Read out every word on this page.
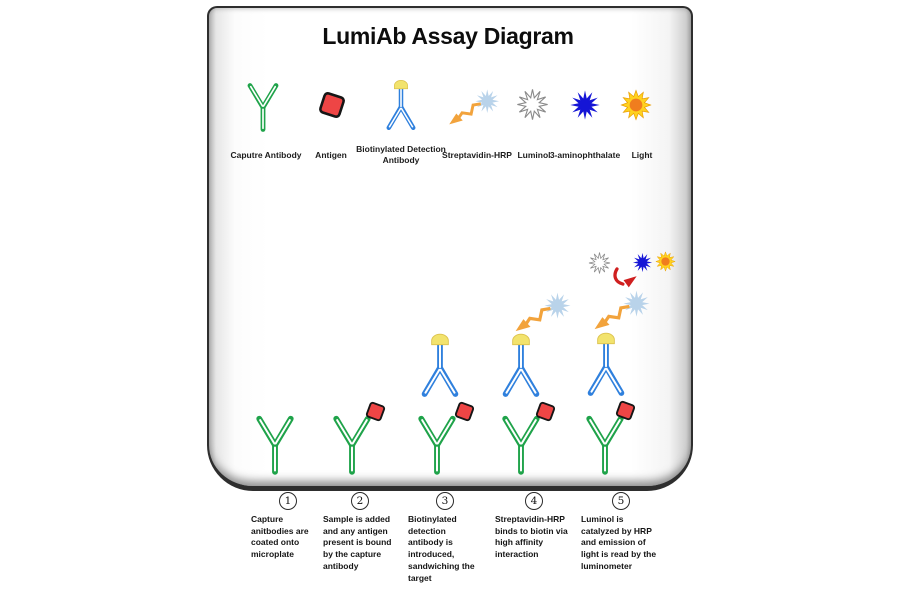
LumiAb Assay Diagram
Caputre Antibody Antigen
Biotinylated Detection Antibody	Streptavidin-HRP Luminol 3-aminophthalate Light
1
Capture anitbodies are coated onto microplate
2
Sample is added and any antigen present is bound by the capture antibody
3
Biotinylated detection antibody is introduced, sandwiching the target
4
Streptavidin-HRP binds to biotin via high affinity interaction
5
Luminol is catalyzed by HRP and emission of light is read by the luminometer
